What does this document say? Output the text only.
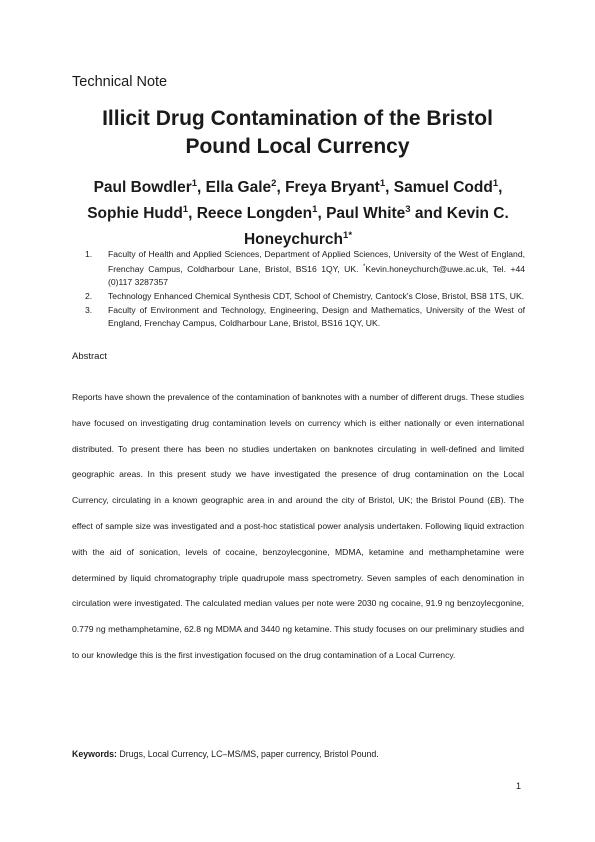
Technical Note

Illicit Drug Contamination of the Bristol
Pound Local Currency

Paul Bowdler$^1$, Ella Gale$^2$, Freya Bryant$^1$, Samuel Codd$^1$, Sophie Hudd$^1$, Reece Longden$^1$, Paul White$^3$ and Kevin C. Honeychurch$^{1*}$

1. Faculty of Health and Applied Sciences, Department of Applied Sciences, University of the West of England, Frenchay Campus, Coldharbour Lane, Bristol, BS16 1QY, UK. *Kevin.honeychurch@uwe.ac.uk, Tel. +44 (0)117 3287357
2. Technology Enhanced Chemical Synthesis CDT, School of Chemistry, Cantock's Close, Bristol, BS8 1TS, UK.
3. Faculty of Environment and Technology, Engineering, Design and Mathematics, University of the West of England, Frenchay Campus, Coldharbour Lane, Bristol, BS16 1QY, UK.

Abstract

Reports have shown the prevalence of the contamination of banknotes with a number of different drugs. These studies have focused on investigating drug contamination levels on currency which is either nationally or even international distributed. To present there has been no studies undertaken on banknotes circulating in well-defined and limited geographic areas. In this present study we have investigated the presence of drug contamination on the Local Currency, circulating in a known geographic area in and around the city of Bristol, UK; the Bristol Pound (£B). The effect of sample size was investigated and a post-hoc statistical power analysis undertaken. Following liquid extraction with the aid of sonication, levels of cocaine, benzoylecgonine, MDMA, ketamine and methamphetamine were determined by liquid chromatography triple quadrupole mass spectrometry. Seven samples of each denomination in circulation were investigated. The calculated median values per note were 2030 ng cocaine, 91.9 ng benzoylecgonine, 0.779 ng methamphetamine, 62.8 ng MDMA and 3440 ng ketamine. This study focuses on our preliminary studies and to our knowledge this is the first investigation focused on the drug contamination of a Local Currency.

Keywords: Drugs, Local Currency, LC–MS/MS, paper currency, Bristol Pound.

1
